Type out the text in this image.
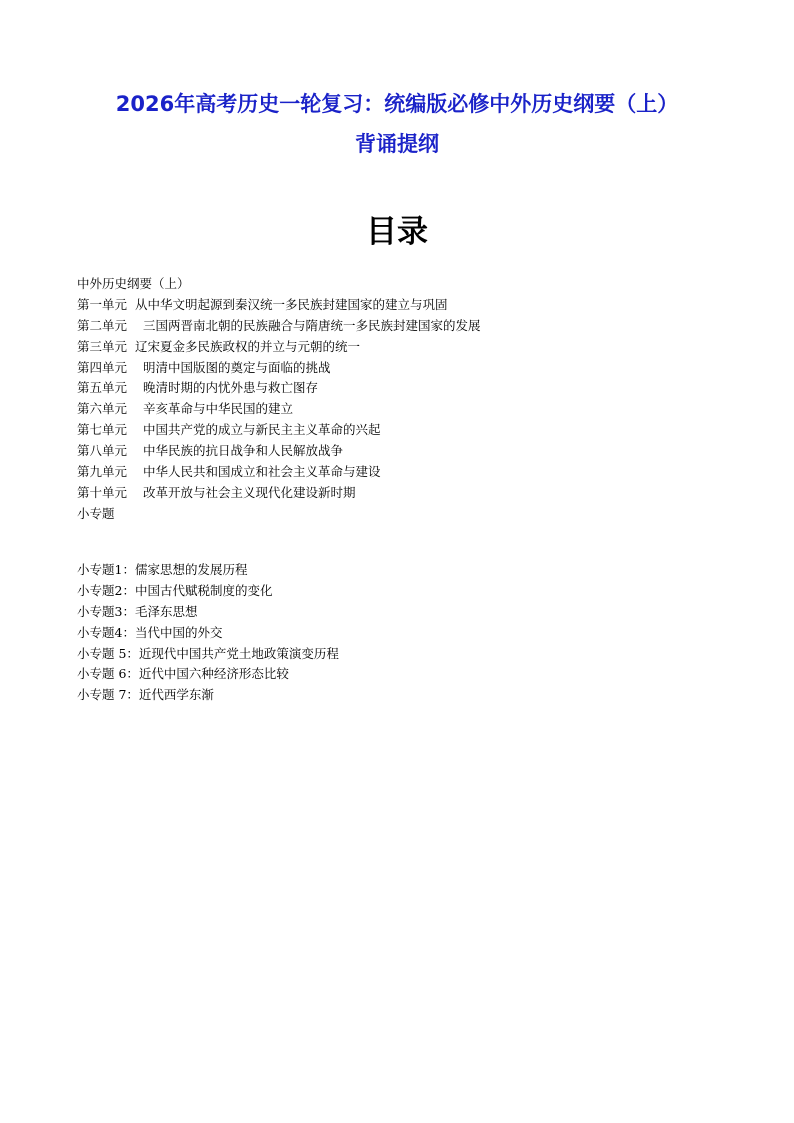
2026年高考历史一轮复习：统编版必修中外历史纲要（上）
背诵提纲
目录
中外历史纲要（上）
第一单元 从中华文明起源到秦汉统一多民族封建国家的建立与巩固
第二单元 三国两晋南北朝的民族融合与隋唐统一多民族封建国家的发展
第三单元 辽宋夏金多民族政权的并立与元朝的统一
第四单元 明清中国版图的奠定与面临的挑战
第五单元 晚清时期的内忧外患与救亡图存
第六单元 辛亥革命与中华民国的建立
第七单元 中国共产党的成立与新民主主义革命的兴起
第八单元 中华民族的抗日战争和人民解放战争
第九单元 中华人民共和国成立和社会主义革命与建设
第十单元 改革开放与社会主义现代化建设新时期
小专题
小专题1：儒家思想的发展历程
小专题2：中国古代赋税制度的变化
小专题3：毛泽东思想
小专题4：当代中国的外交
小专题 5：近现代中国共产党土地政策演变历程
小专题 6：近代中国六种经济形态比较
小专题 7：近代西学东渐
